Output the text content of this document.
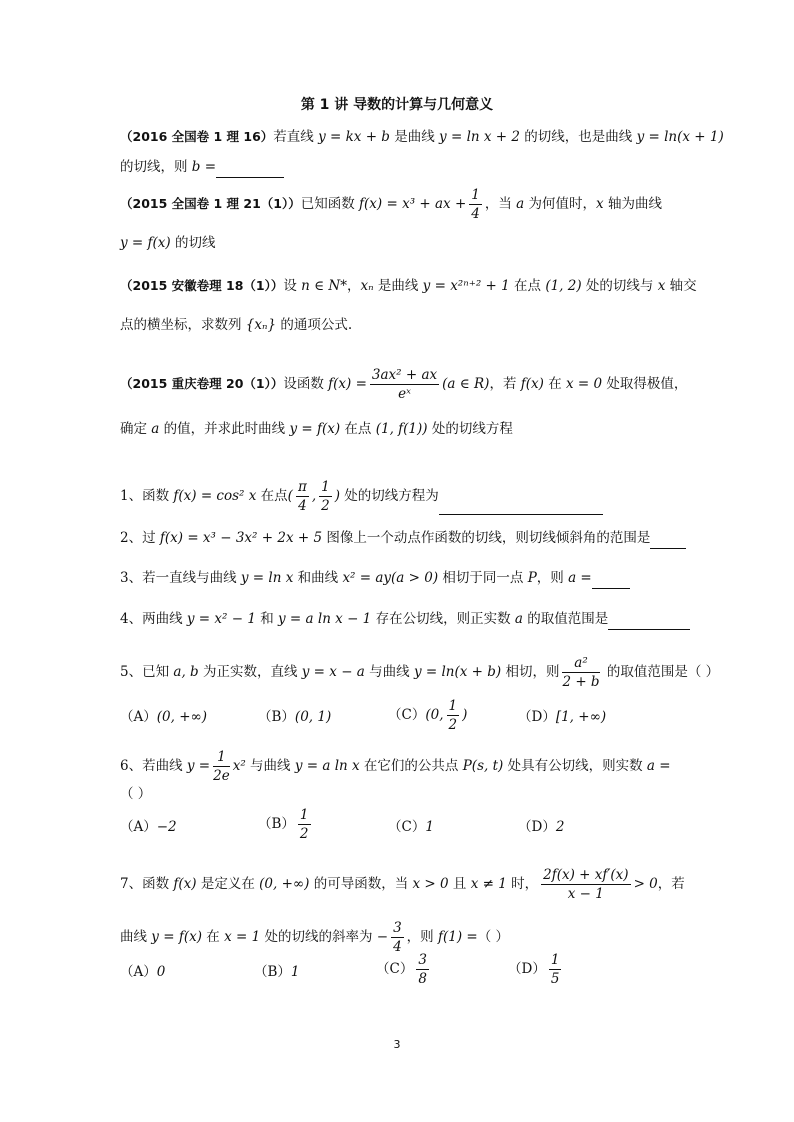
第 1 讲 导数的计算与几何意义
（2016 全国卷 1 理 16）若直线 y = kx + b 是曲线 y = ln x + 2 的切线，也是曲线 y = ln(x + 1)
的切线，则 b =
（2015 全国卷 1 理 21（1））已知函数 f(x) = x³ + ax + $\frac{1}{4}$ ，当 a 为何值时，x 轴为曲线
y = f(x) 的切线
（2015 安徽卷理 18（1））设 n ∈ N*，xₙ 是曲线 y = x²ⁿ⁺² + 1 在点 (1, 2) 处的切线与 x 轴交
点的横坐标，求数列 {xₙ} 的通项公式.
（2015 重庆卷理 20（1））设函数 $f(x) = \frac{\text{3ax² + ax}}{\text{eˣ}} (a$ ∈ R)，若 f(x) 在 x = 0 处取得极值，
确定 a 的值，并求此时曲线 y = f(x) 在点 (1, f(1)) 处的切线方程
1、函数 f(x) = cos² x 在点( $\frac{\pi}{4}$ , $\frac{1}{2}$ ) 处的切线方程为
2、过 f(x) = x³ − 3x² + 2x + 5 图像上一个动点作函数的切线，则切线倾斜角的范围是
3、若一直线与曲线 y = ln x 和曲线 x² = ay(a > 0) 相切于同一点 P，则 a =
4、两曲线 y = x² − 1 和 y = a ln x − 1 存在公切线，则正实数 a 的取值范围是
5、已知 a, b 为正实数，直线 y = x − a 与曲线 y = ln(x + b) 相切，则 $\frac{\text{a²}}{2 + b}$ 的取值范围是（ ）
（A）(0, +∞)	（B）(0, 1)	（C）(0, $\frac{1}{2}$ )	（D）[1, +∞)
6、若曲线 $y = \frac{1}{2e} x^2$ 与曲线 y = a ln x 在它们的公共点 P(s, t) 处具有公切线，则实数 a =
（ ）
（A）−2	$(B) \frac{1}{2}$	（C）1	（D）2
7、函数 f(x) 是定义在 (0, +∞) 的可导函数，当 x > 0 且 x ≠ 1 时， $\frac{2f(x) + xf'(x)}{x - 1} > 0$，若
曲线 y = f(x) 在 x = 1 处的切线的斜率为 − $\frac{3}{4}$ ，则 f(1) =（ ）
（A）0	（B）1	$(C) \frac{3}{8}$	$(D) \frac{1}{5}$
3
